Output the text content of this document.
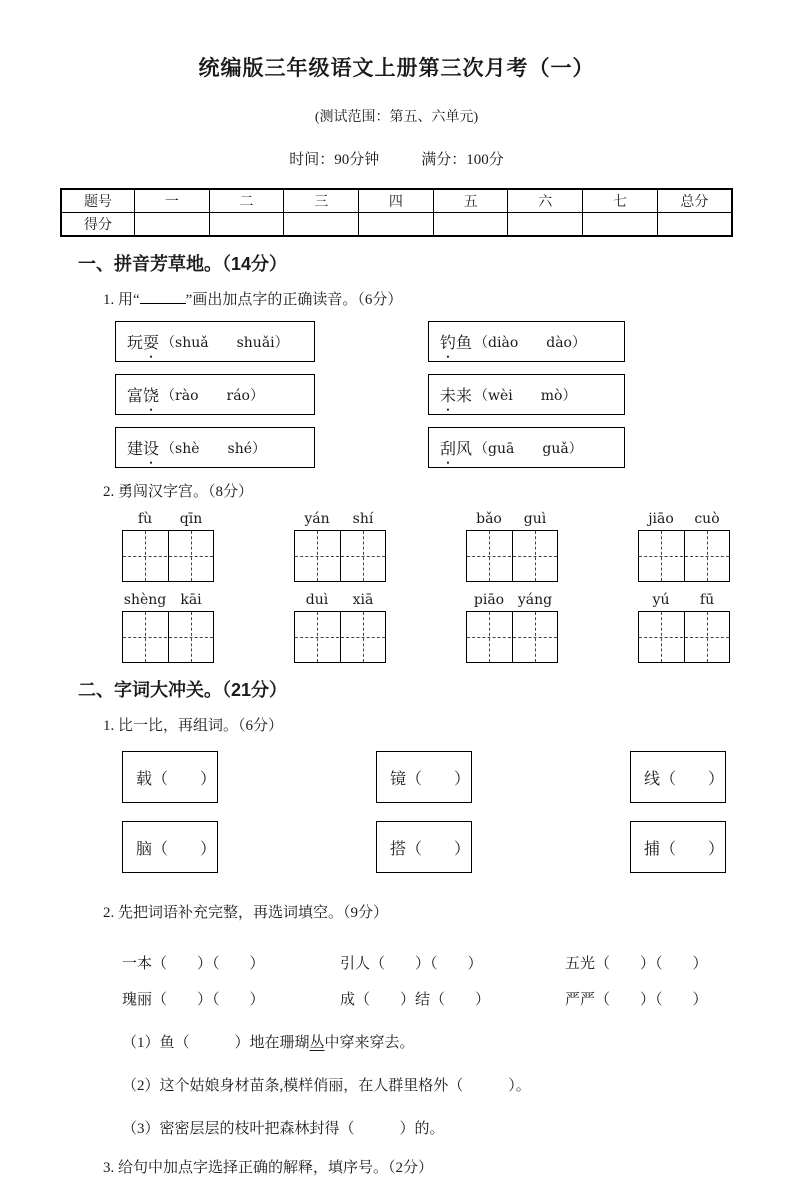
统编版三年级语文上册第三次月考（一）
(测试范围：第五、六单元)
时间：90分钟	满分：100分
题号	一	二	三	四	五	六	七	总分
得分								
一、拼音芳草地。（14分）
1. 用“	”画出加点字的正确读音。（6分）
玩耍 （shuǎ　　shuǎi）	钓鱼 （diào　　dào）
富饶 （rào　　ráo）	未来 （wèi　　mò）
建设 （shè　　shé）	刮风 （guā　　guǎ）
2. 勇闯汉字宫。（8分）
fù	qīn	yán	shí	bǎo	guì	jiāo	cuò
shèng	kāi	duì	xiā	piāo yáng	yú	fū
二、字词大冲关。（21分）
1. 比一比，再组词。（6分）
载（　　）	镜（　　）	线（　　）
脑（　　）	搭（　　）	捕（　　）
2. 先把词语补充完整，再选词填空。（9分）
一本（　　）（　　）	引人（　　）（　　）	五光（　　）（　　）
瑰丽（　　）（　　）	成（　　）结（　　）	严严（　　）（　　）
（1）鱼（　　　）地在珊瑚丛中穿来穿去。
（2）这个姑娘身材苗条,模样俏丽，在人群里格外（　　　）。
（3）密密层层的枝叶把森林封得（　　　）的。
3. 给句中加点字选择正确的解释，填序号。（2分）
